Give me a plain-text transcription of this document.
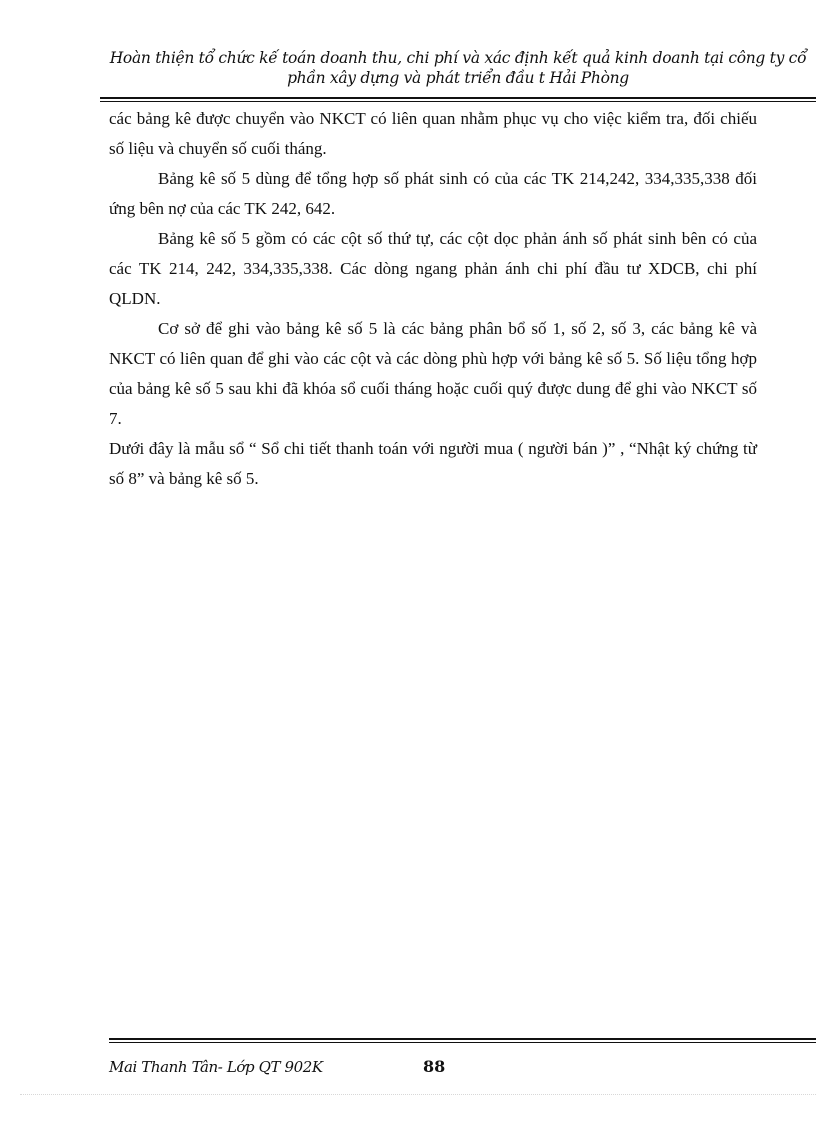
Hoàn thiện tổ chức kế toán doanh thu, chi phí và xác định kết quả kinh doanh tại công ty cổ
phần xây dựng và phát triển đầu t Hải Phòng

các bảng kê được chuyển vào NKCT có liên quan nhằm phục vụ cho việc kiểm tra, đối chiếu số liệu và chuyển số cuối tháng.

Bảng kê số 5 dùng để tổng hợp số phát sinh có của các TK 214,242, 334,335,338 đối ứng bên nợ của các TK 242, 642.

Bảng kê số 5 gồm có các cột số thứ tự, các cột dọc phản ánh số phát sinh bên có của các TK 214, 242, 334,335,338. Các dòng ngang phản ánh chi phí đầu tư XDCB, chi phí QLDN.

Cơ sở để ghi vào bảng kê số 5 là các bảng phân bổ số 1, số 2, số 3, các bảng kê và NKCT có liên quan để ghi vào các cột và các dòng phù hợp với bảng kê số 5. Số liệu tổng hợp của bảng kê số 5 sau khi đã khóa sổ cuối tháng hoặc cuối quý được dung để ghi vào NKCT số 7.

Dưới đây là mẫu sổ “ Sổ chi tiết thanh toán với người mua ( người bán )” , “Nhật ký chứng từ số 8” và bảng kê số 5.

Mai Thanh Tân- Lớp QT 902K	88
